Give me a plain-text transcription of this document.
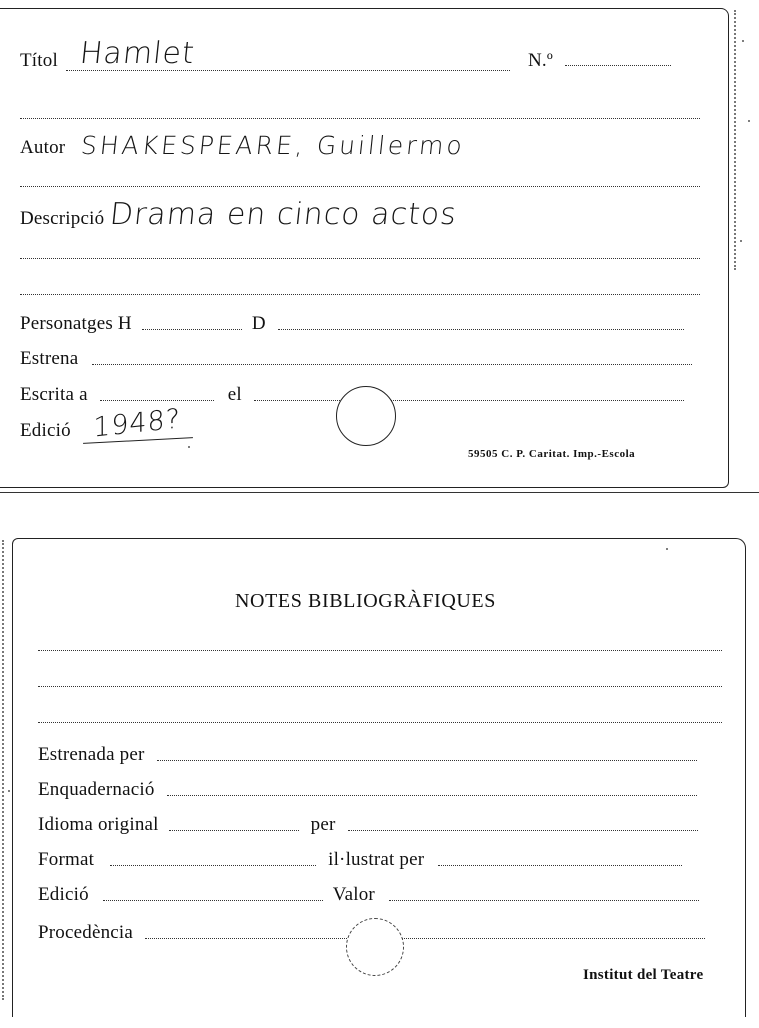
Títol Hamlet	N.º
Autor SHAKESPEARE, Guillermo
Descripció Drama en cinco actos
Personatges H	D
Estrena
Escrita a	el
Edició 1948?
59505 C. P. Caritat. Imp.-Escola
NOTES BIBLIOGRÀFIQUES
Estrenada per
Enquadernació
Idioma original	per
Format	il·lustrat per
Edició	Valor
Procedència
Institut del Teatre
